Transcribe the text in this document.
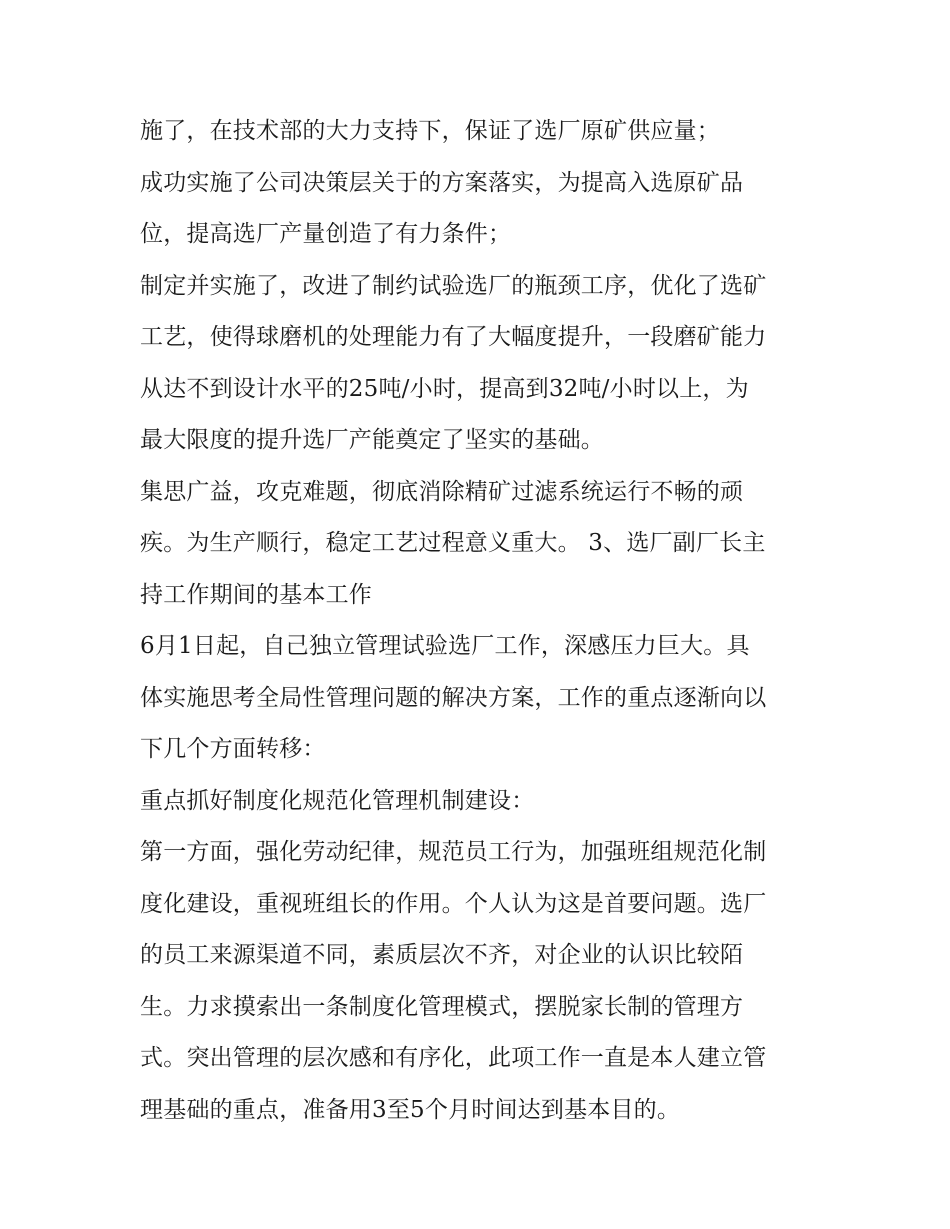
施了，在技术部的大力支持下，保证了选厂原矿供应量；
成功实施了公司决策层关于的方案落实，为提高入选原矿品
位，提高选厂产量创造了有力条件；
制定并实施了，改进了制约试验选厂的瓶颈工序，优化了选矿
工艺，使得球磨机的处理能力有了大幅度提升，一段磨矿能力
从达不到设计水平的25吨/小时，提高到32吨/小时以上，为
最大限度的提升选厂产能奠定了坚实的基础。
集思广益，攻克难题，彻底消除精矿过滤系统运行不畅的顽
疾。为生产顺行，稳定工艺过程意义重大。 3、选厂副厂长主
持工作期间的基本工作
6月1日起，自己独立管理试验选厂工作，深感压力巨大。具
体实施思考全局性管理问题的解决方案，工作的重点逐渐向以
下几个方面转移：
重点抓好制度化规范化管理机制建设：
第一方面，强化劳动纪律，规范员工行为，加强班组规范化制
度化建设，重视班组长的作用。个人认为这是首要问题。选厂
的员工来源渠道不同，素质层次不齐，对企业的认识比较陌
生。力求摸索出一条制度化管理模式，摆脱家长制的管理方
式。突出管理的层次感和有序化，此项工作一直是本人建立管
理基础的重点，准备用3至5个月时间达到基本目的。
